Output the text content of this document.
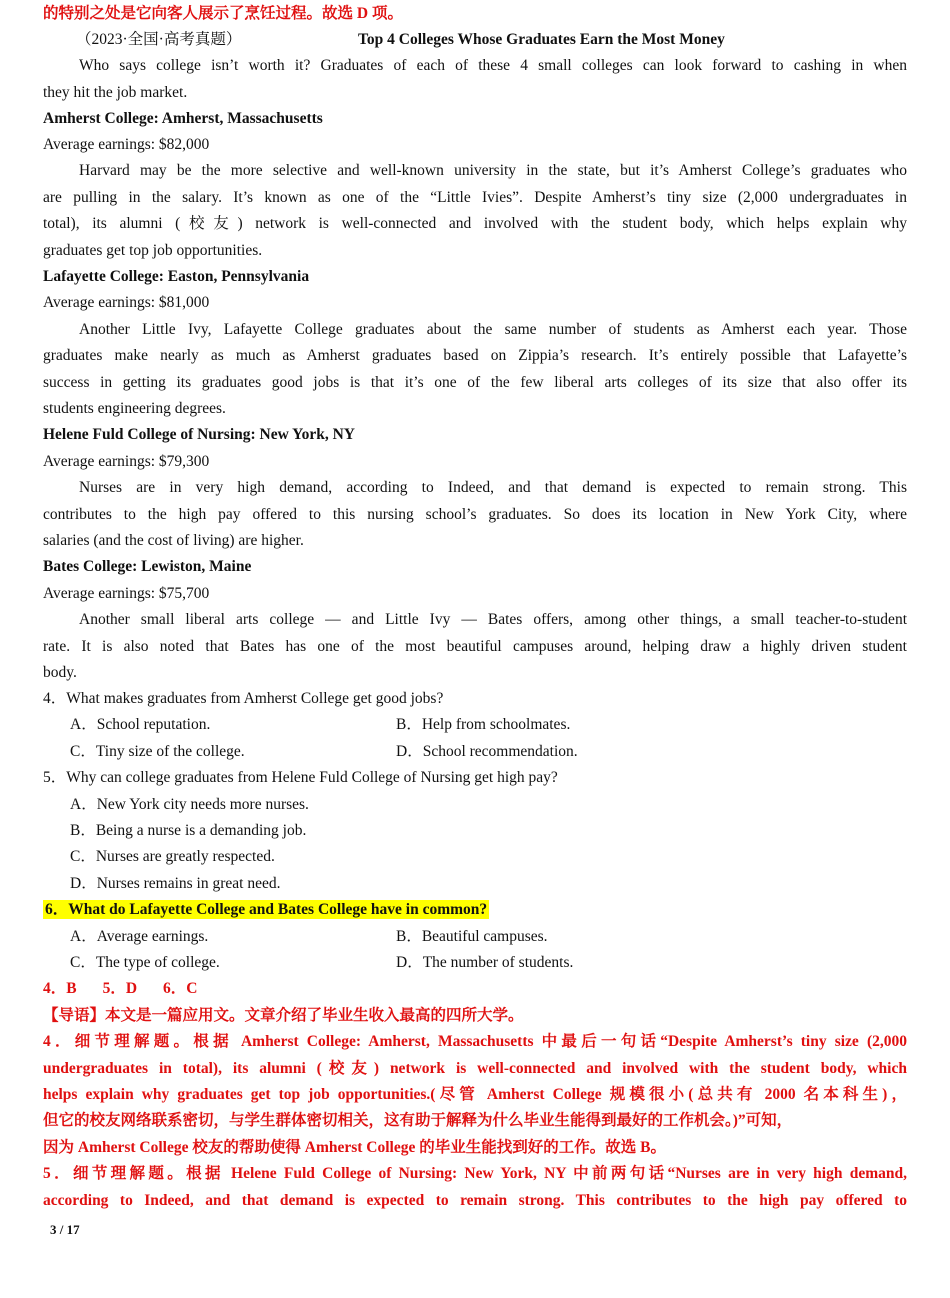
的特别之处是它向客人展示了烹饪过程。故选 D 项。

（2023·全国·高考真题）	Top 4 Colleges Whose Graduates Earn the Most Money

Who says college isn’t worth it? Graduates of each of these 4 small colleges can look forward to cashing in when

they hit the job market.

Amherst College: Amherst, Massachusetts

Average earnings: $82,000

Harvard may be the more selective and well-known university in the state, but it’s Amherst College’s graduates who

are pulling in the salary. It’s known as one of the “Little Ivies”. Despite Amherst’s tiny size (2,000 undergraduates in

total), its alumni (校友) network is well-connected and involved with the student body, which helps explain why

graduates get top job opportunities.

Lafayette College: Easton, Pennsylvania

Average earnings: $81,000

Another Little Ivy, Lafayette College graduates about the same number of students as Amherst each year. Those

graduates make nearly as much as Amherst graduates based on Zippia’s research. It’s entirely possible that Lafayette’s

success in getting its graduates good jobs is that it’s one of the few liberal arts colleges of its size that also offer its

students engineering degrees.

Helene Fuld College of Nursing: New York, NY

Average earnings: $79,300

Nurses are in very high demand, according to Indeed, and that demand is expected to remain strong. This

contributes to the high pay offered to this nursing school’s graduates. So does its location in New York City, where

salaries (and the cost of living) are higher.

Bates College: Lewiston, Maine

Average earnings: $75,700

Another small liberal arts college — and Little Ivy — Bates offers, among other things, a small teacher-to-student

rate. It is also noted that Bates has one of the most beautiful campuses around, helping draw a highly driven student

body.

4．What makes graduates from Amherst College get good jobs?

A．School reputation.	B．Help from schoolmates.

C．Tiny size of the college.	D．School recommendation.

5．Why can college graduates from Helene Fuld College of Nursing get high pay?

A．New York city needs more nurses.

B．Being a nurse is a demanding job.

C．Nurses are greatly respected.

D．Nurses remains in great need.

6．What do Lafayette College and Bates College have in common?

A．Average earnings.	B．Beautiful campuses.

C．The type of college.	D．The number of students.

4．B 5．D 6．C

【导语】本文是一篇应用文。文章介绍了毕业生收入最高的四所大学。

4．细节理解题。根据 Amherst College: Amherst, Massachusetts 中最后一句话“Despite Amherst’s tiny size (2,000

undergraduates in total), its alumni (校友) network is well-connected and involved with the student body, which

helps explain why graduates get top job opportunities.(尽管 Amherst College 规模很小(总共有 2000 名本科生)，

但它的校友网络联系密切，与学生群体密切相关，这有助于解释为什么毕业生能得到最好的工作机会。)”可知，

因为 Amherst College 校友的帮助使得 Amherst College 的毕业生能找到好的工作。故选 B。

5．细节理解题。根据 Helene Fuld College of Nursing: New York, NY 中前两句话“Nurses are in very high demand,

according to Indeed, and that demand is expected to remain strong. This contributes to the high pay offered to

3 / 17
